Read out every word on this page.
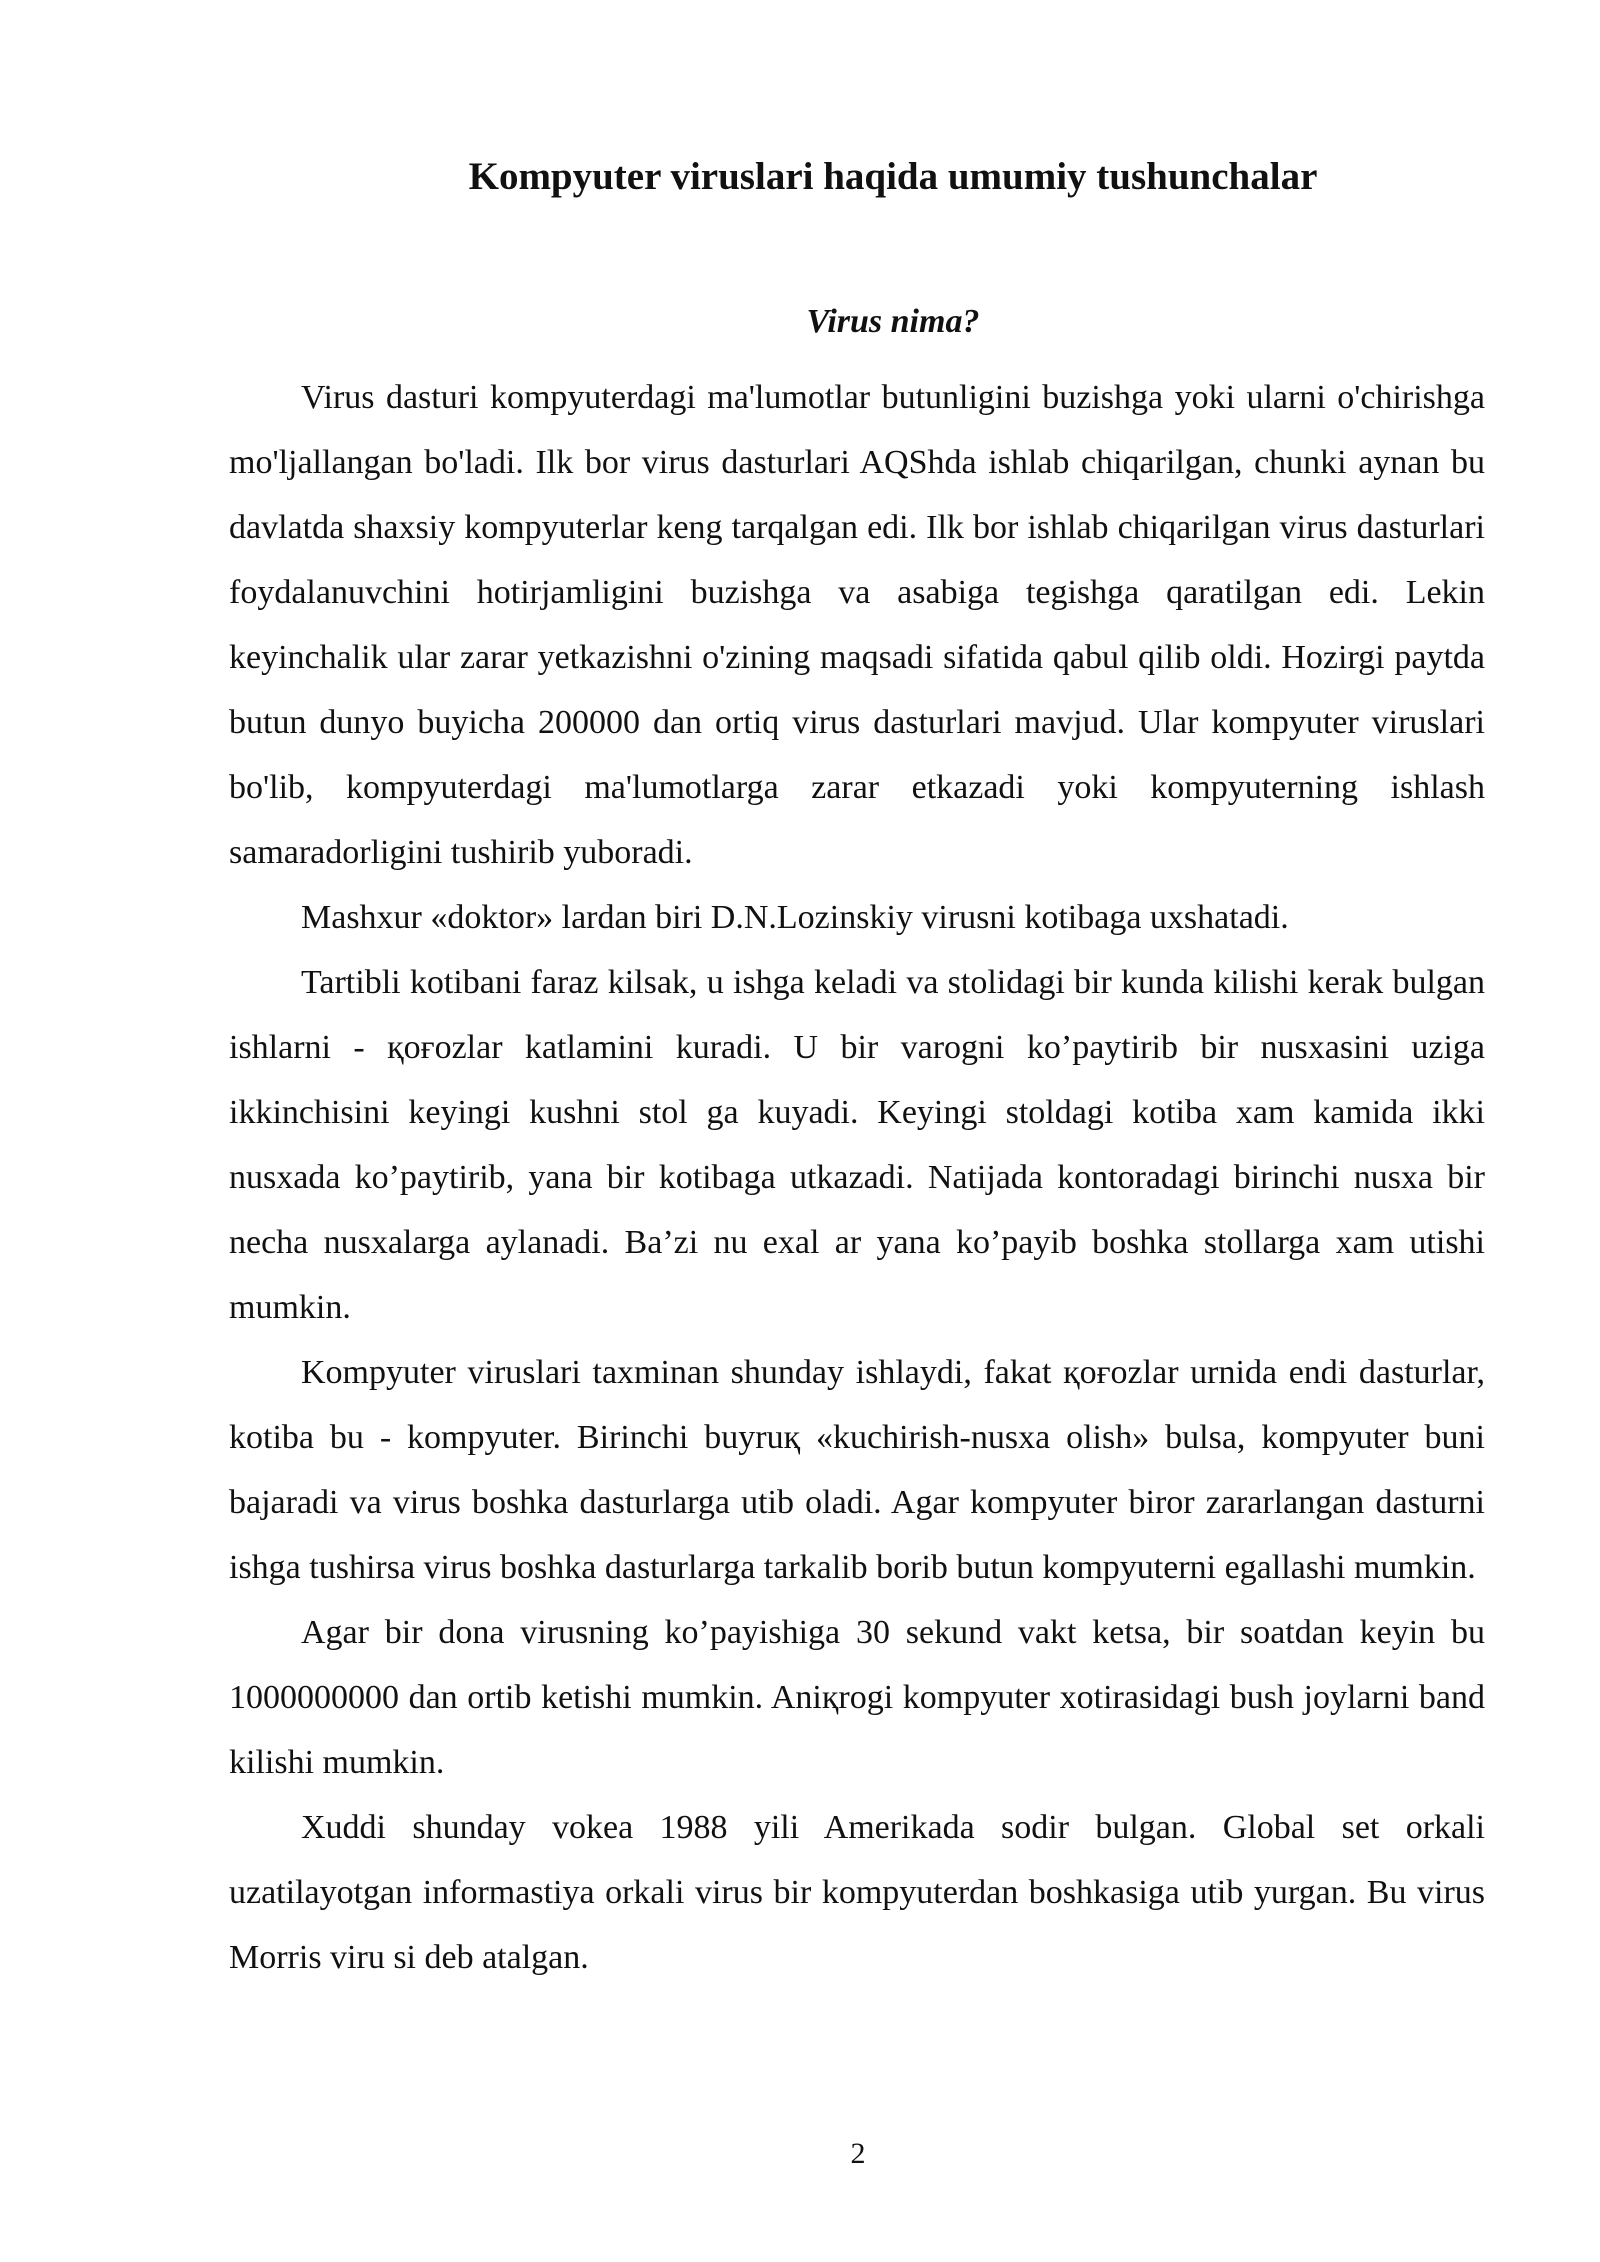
Kompyuter viruslari haqida umumiy tushunchalar
Virus nima?

Virus dasturi kompyuterdagi ma'lumotlar butunligini buzishga yoki ularni o'chirishga mo'ljallangan bo'ladi. Ilk bor virus dasturlari AQShda ishlab chiqarilgan, chunki aynan bu davlatda shaxsiy kompyuterlar keng tarqalgan edi. Ilk bor ishlab chiqarilgan virus dasturlari foydalanuvchini hotirjamligini buzishga va asabiga tegishga qaratilgan edi. Lekin keyinchalik ular zarar yetkazishni o'zining maqsadi sifatida qabul qilib oldi. Hozirgi paytda butun dunyo buyicha 200000 dan ortiq virus dasturlari mavjud. Ular kompyuter viruslari bo'lib, kompyuterdagi ma'lumotlarga zarar etkazadi yoki kompyuterning ishlash samaradorligini tushirib yuboradi.

Mashxur «doktor» lardan biri D.N.Lozinskiy virusni kotibaga uxshatadi.

Tartibli kotibani faraz kilsak, u ishga keladi va stolidagi bir kunda kilishi kerak bulgan ishlarni - қоғozlar katlamini kuradi. U bir varogni ko’paytirib bir nusxasini uziga ikkinchisini keyingi kushni stol ga kuyadi. Keyingi stoldagi kotiba xam kamida ikki nusxada ko’paytirib, yana bir kotibaga utkazadi. Natijada kontoradagi birinchi nusxa bir necha nusxalarga aylanadi. Ba’zi nu exal ar yana ko’payib boshka stollarga xam utishi mumkin.

Kompyuter viruslari taxminan shunday ishlaydi, fakat қоғozlar urnida endi dasturlar, kotiba bu - kompyuter. Birinchi buyruқ «kuchirish-nusxa olish» bulsa, kompyuter buni bajaradi va virus boshka dasturlarga utib oladi. Agar kompyuter biror zararlangan dasturni ishga tushirsa virus boshka dasturlarga tarkalib borib butun kompyuterni egallashi mumkin.

Agar bir dona virusning ko’payishiga 30 sekund vakt ketsa, bir soatdan keyin bu 1000000000 dan ortib ketishi mumkin. Aniқrogi kompyuter xotirasidagi bush joylarni band kilishi mumkin.

Xuddi shunday vokea 1988 yili Amerikada sodir bulgan. Global set orkali uzatilayotgan informastiya orkali virus bir kompyuterdan boshkasiga utib yurgan. Bu virus Morris viru si deb atalgan.

2
